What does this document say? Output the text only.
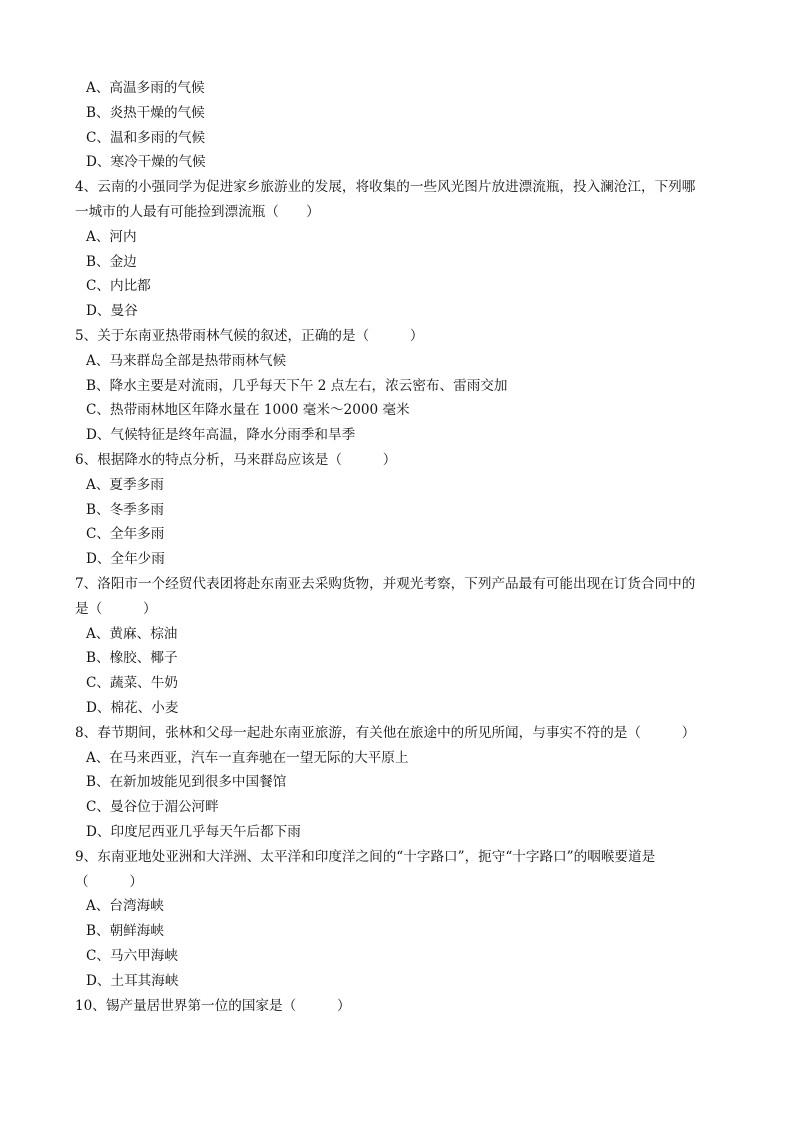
A、高温多雨的气候
B、炎热干燥的气候
C、温和多雨的气候
D、寒冷干燥的气候
4、云南的小强同学为促进家乡旅游业的发展，将收集的一些风光图片放进漂流瓶，投入澜沧江，下列哪
一城市的人最有可能捡到漂流瓶（　　）
A、河内
B、金边
C、内比都
D、曼谷
5、关于东南亚热带雨林气候的叙述，正确的是（　　　）
A、马来群岛全部是热带雨林气候
B、降水主要是对流雨，几乎每天下午 2 点左右，浓云密布、雷雨交加
C、热带雨林地区年降水量在 1000 毫米～2000 毫米
D、气候特征是终年高温，降水分雨季和旱季
6、根据降水的特点分析，马来群岛应该是（　　　）
A、夏季多雨
B、冬季多雨
C、全年多雨
D、全年少雨
7、洛阳市一个经贸代表团将赴东南亚去采购货物，并观光考察，下列产品最有可能出现在订货合同中的
是（　　　）
A、黄麻、棕油
B、橡胶、椰子
C、蔬菜、牛奶
D、棉花、小麦
8、春节期间，张林和父母一起赴东南亚旅游，有关他在旅途中的所见所闻，与事实不符的是（　　　）
A、在马来西亚，汽车一直奔驰在一望无际的大平原上
B、在新加坡能见到很多中国餐馆
C、曼谷位于湄公河畔
D、印度尼西亚几乎每天午后都下雨
9、东南亚地处亚洲和大洋洲、太平洋和印度洋之间的“十字路口”，扼守“十字路口”的咽喉要道是
（　　　）
A、台湾海峡
B、朝鲜海峡
C、马六甲海峡
D、土耳其海峡
10、锡产量居世界第一位的国家是（　　　）
